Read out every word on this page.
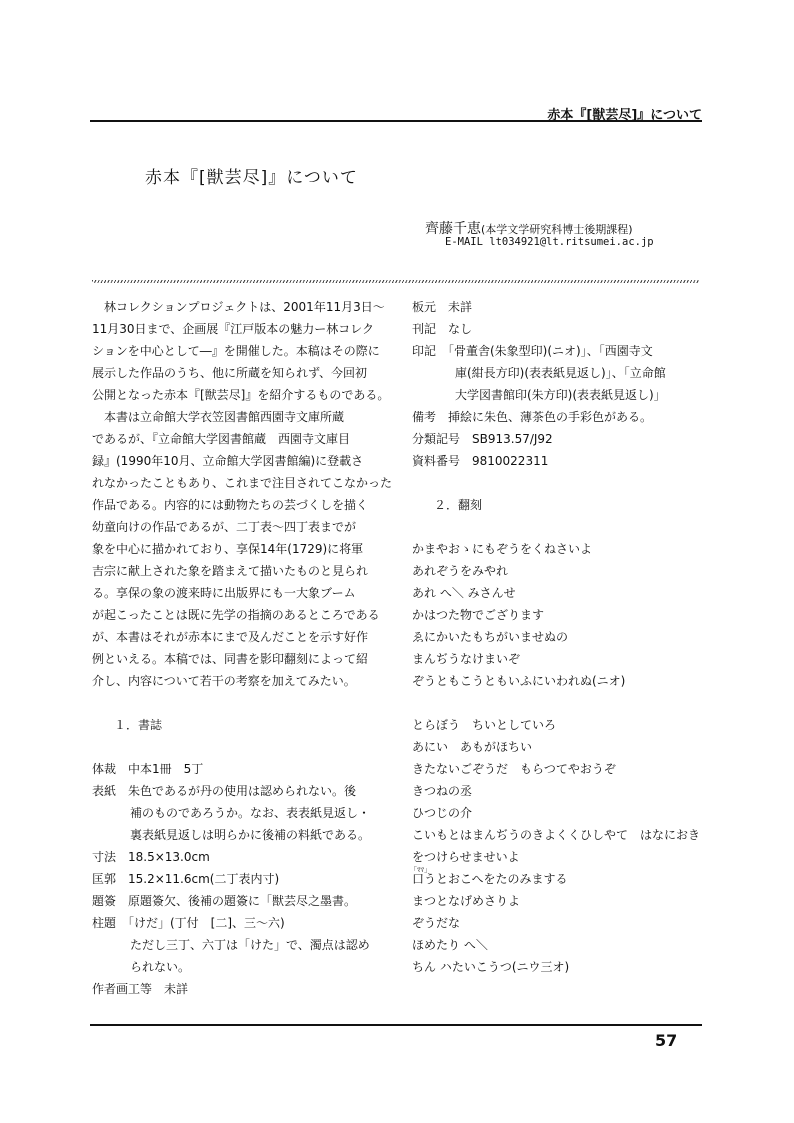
赤本『[獣芸尽]』について
赤本『[獣芸尽]』について
齊藤千恵(本学文学研究科博士後期課程)
E-MAIL lt034921@lt.ritsumei.ac.jp
林コレクションプロジェクトは、2001年11月3日～
11月30日まで、企画展『江戸版本の魅力ー林コレク
ションを中心として―』を開催した。本稿はその際に
展示した作品のうち、他に所蔵を知られず、今回初
公開となった赤本『[獣芸尽]』を紹介するものである。
本書は立命館大学衣笠図書館西園寺文庫所蔵
であるが、『立命館大学図書館蔵　西園寺文庫目
録』(1990年10月、立命館大学図書館編)に登載さ
れなかったこともあり、これまで注目されてこなかった
作品である。内容的には動物たちの芸づくしを描く
幼童向けの作品であるが、二丁表～四丁表までが
象を中心に描かれており、享保14年(1729)に将軍
吉宗に献上された象を踏まえて描いたものと見られ
る。享保の象の渡来時に出版界にも一大象ブーム
が起こったことは既に先学の指摘のあるところである
が、本書はそれが赤本にまで及んだことを示す好作
例といえる。本稿では、同書を影印翻刻によって紹
介し、内容について若干の考察を加えてみたい。
１．書誌
体裁　中本1冊　5丁
表紙　朱色であるが丹の使用は認められない。後
補のものであろうか。なお、表表紙見返し・
裏表紙見返しは明らかに後補の料紙である。
寸法　18.5×13.0cm
匡郭　15.2×11.6cm(二丁表内寸)
題簽　原題簽欠、後補の題簽に「獣芸尽之墨書。
柱題　「けだ」(丁付　[二]、三～六)
ただし三丁、六丁は「けた」で、濁点は認め
られない。
作者画工等　未詳
板元　未詳
刊記　なし
印記　「骨董舎(朱象型印)(ニオ)」、「西園寺文
庫(紺長方印)(表表紙見返し)」、「立命館
大学図書館印(朱方印)(表表紙見返し)」
備考　挿絵に朱色、薄茶色の手彩色がある。
分類記号　SB913.57/J92
資料番号　9810022311
２．翻刻
かまやおゝにもぞうをくねさいよ
あれぞうをみやれ
あれ へ＼ みさんせ
かはつた物でござります
ゑにかいたもちがいませぬの
まんぢうなけまいぞ
ぞうともこうともいふにいわれぬ(ニオ)
とらぼう　ちいとしていろ
あにい　あもがほちい
きたないごぞうだ　もらつてやおうぞ
きつねの丞
ひつじの介
こいもとはまんぢうのきよくくひしやて　はなにおき
をつけらせませいよ
「ﾏﾏ」
口うとおこへをたのみまする
まつとなげめさりよ
ぞうだな
ほめたり へ＼
ちん ハたいこうつ(ニウ三オ)
57
